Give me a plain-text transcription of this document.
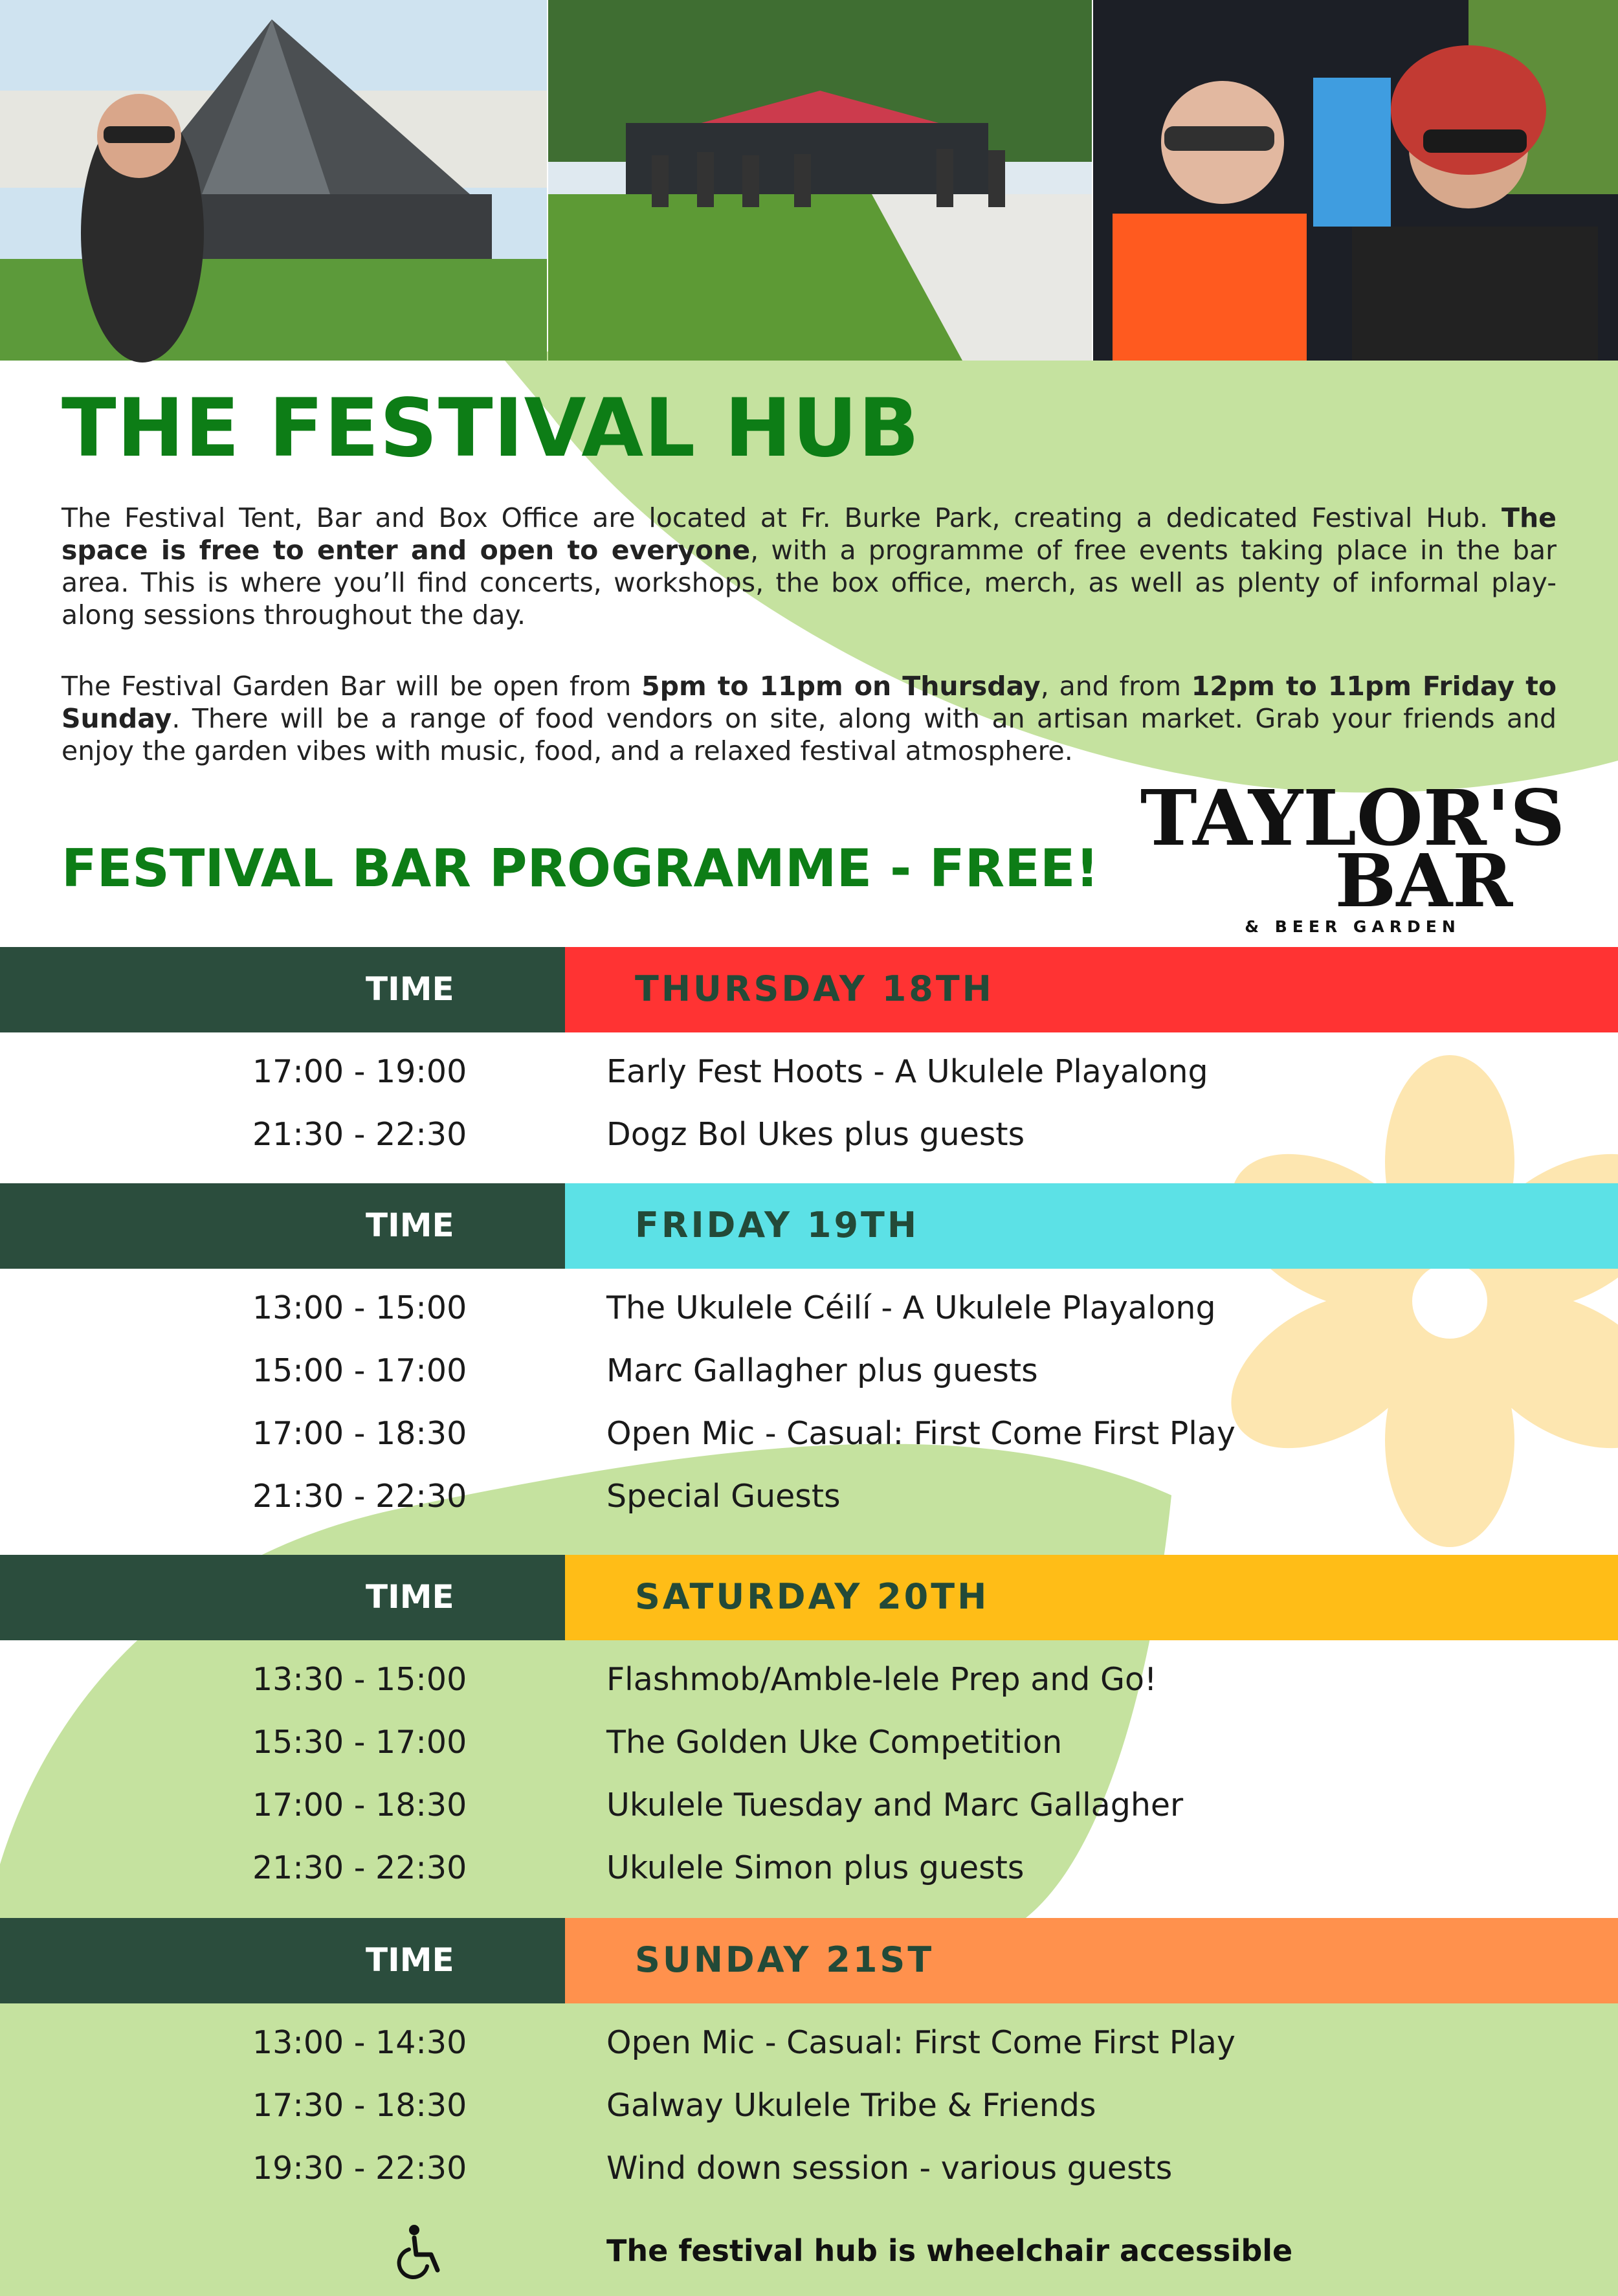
THE FESTIVAL HUB

The Festival Tent, Bar and Box Office are located at Fr. Burke Park, creating a dedicated Festival Hub. The space is free to enter and open to everyone, with a programme of free events taking place in the bar area. This is where you’ll find concerts, workshops, the box office, merch, as well as plenty of informal play-along sessions throughout the day.

The Festival Garden Bar will be open from 5pm to 11pm on Thursday, and from 12pm to 11pm Friday to Sunday. There will be a range of food vendors on site, along with an artisan market. Grab your friends and enjoy the garden vibes with music, food, and a relaxed festival atmosphere.

FESTIVAL BAR PROGRAMME - FREE!
TAYLOR'S
BAR
& BEER GARDEN
TIME	THURSDAY 18TH
17:00 - 19:00	Early Fest Hoots - A Ukulele Playalong
21:30 - 22:30	Dogz Bol Ukes plus guests
TIME	FRIDAY 19TH
13:00 - 15:00	The Ukulele Céilí - A Ukulele Playalong
15:00 - 17:00	Marc Gallagher plus guests
17:00 - 18:30	Open Mic - Casual: First Come First Play
21:30 - 22:30	Special Guests
TIME	SATURDAY 20TH
13:30 - 15:00	Flashmob/Amble-lele Prep and Go!
15:30 - 17:00	The Golden Uke Competition
17:00 - 18:30	Ukulele Tuesday and Marc Gallagher
21:30 - 22:30	Ukulele Simon plus guests
TIME	SUNDAY 21ST
13:00 - 14:30	Open Mic - Casual: First Come First Play
17:30 - 18:30	Galway Ukulele Tribe & Friends
19:30 - 22:30	Wind down session - various guests
The festival hub is wheelchair accessible
